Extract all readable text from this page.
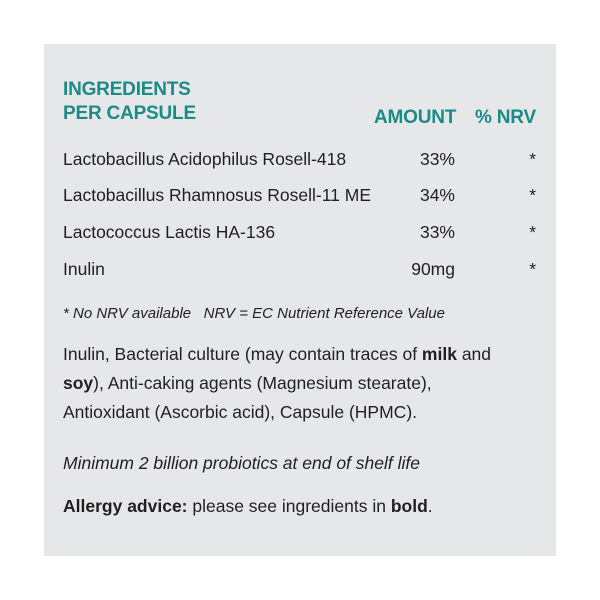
INGREDIENTS
PER CAPSULE	AMOUNT % NRV
Lactobacillus Acidophilus Rosell-418	33%	*
Lactobacillus Rhamnosus Rosell-11 ME	34%	*
Lactococcus Lactis HA-136	33%	*
Inulin	90mg	*
* No NRV available   NRV = EC Nutrient Reference Value
Inulin, Bacterial culture (may contain traces of milk and
soy), Anti-caking agents (Magnesium stearate),
Antioxidant (Ascorbic acid), Capsule (HPMC).
Minimum 2 billion probiotics at end of shelf life
Allergy advice: please see ingredients in bold.
